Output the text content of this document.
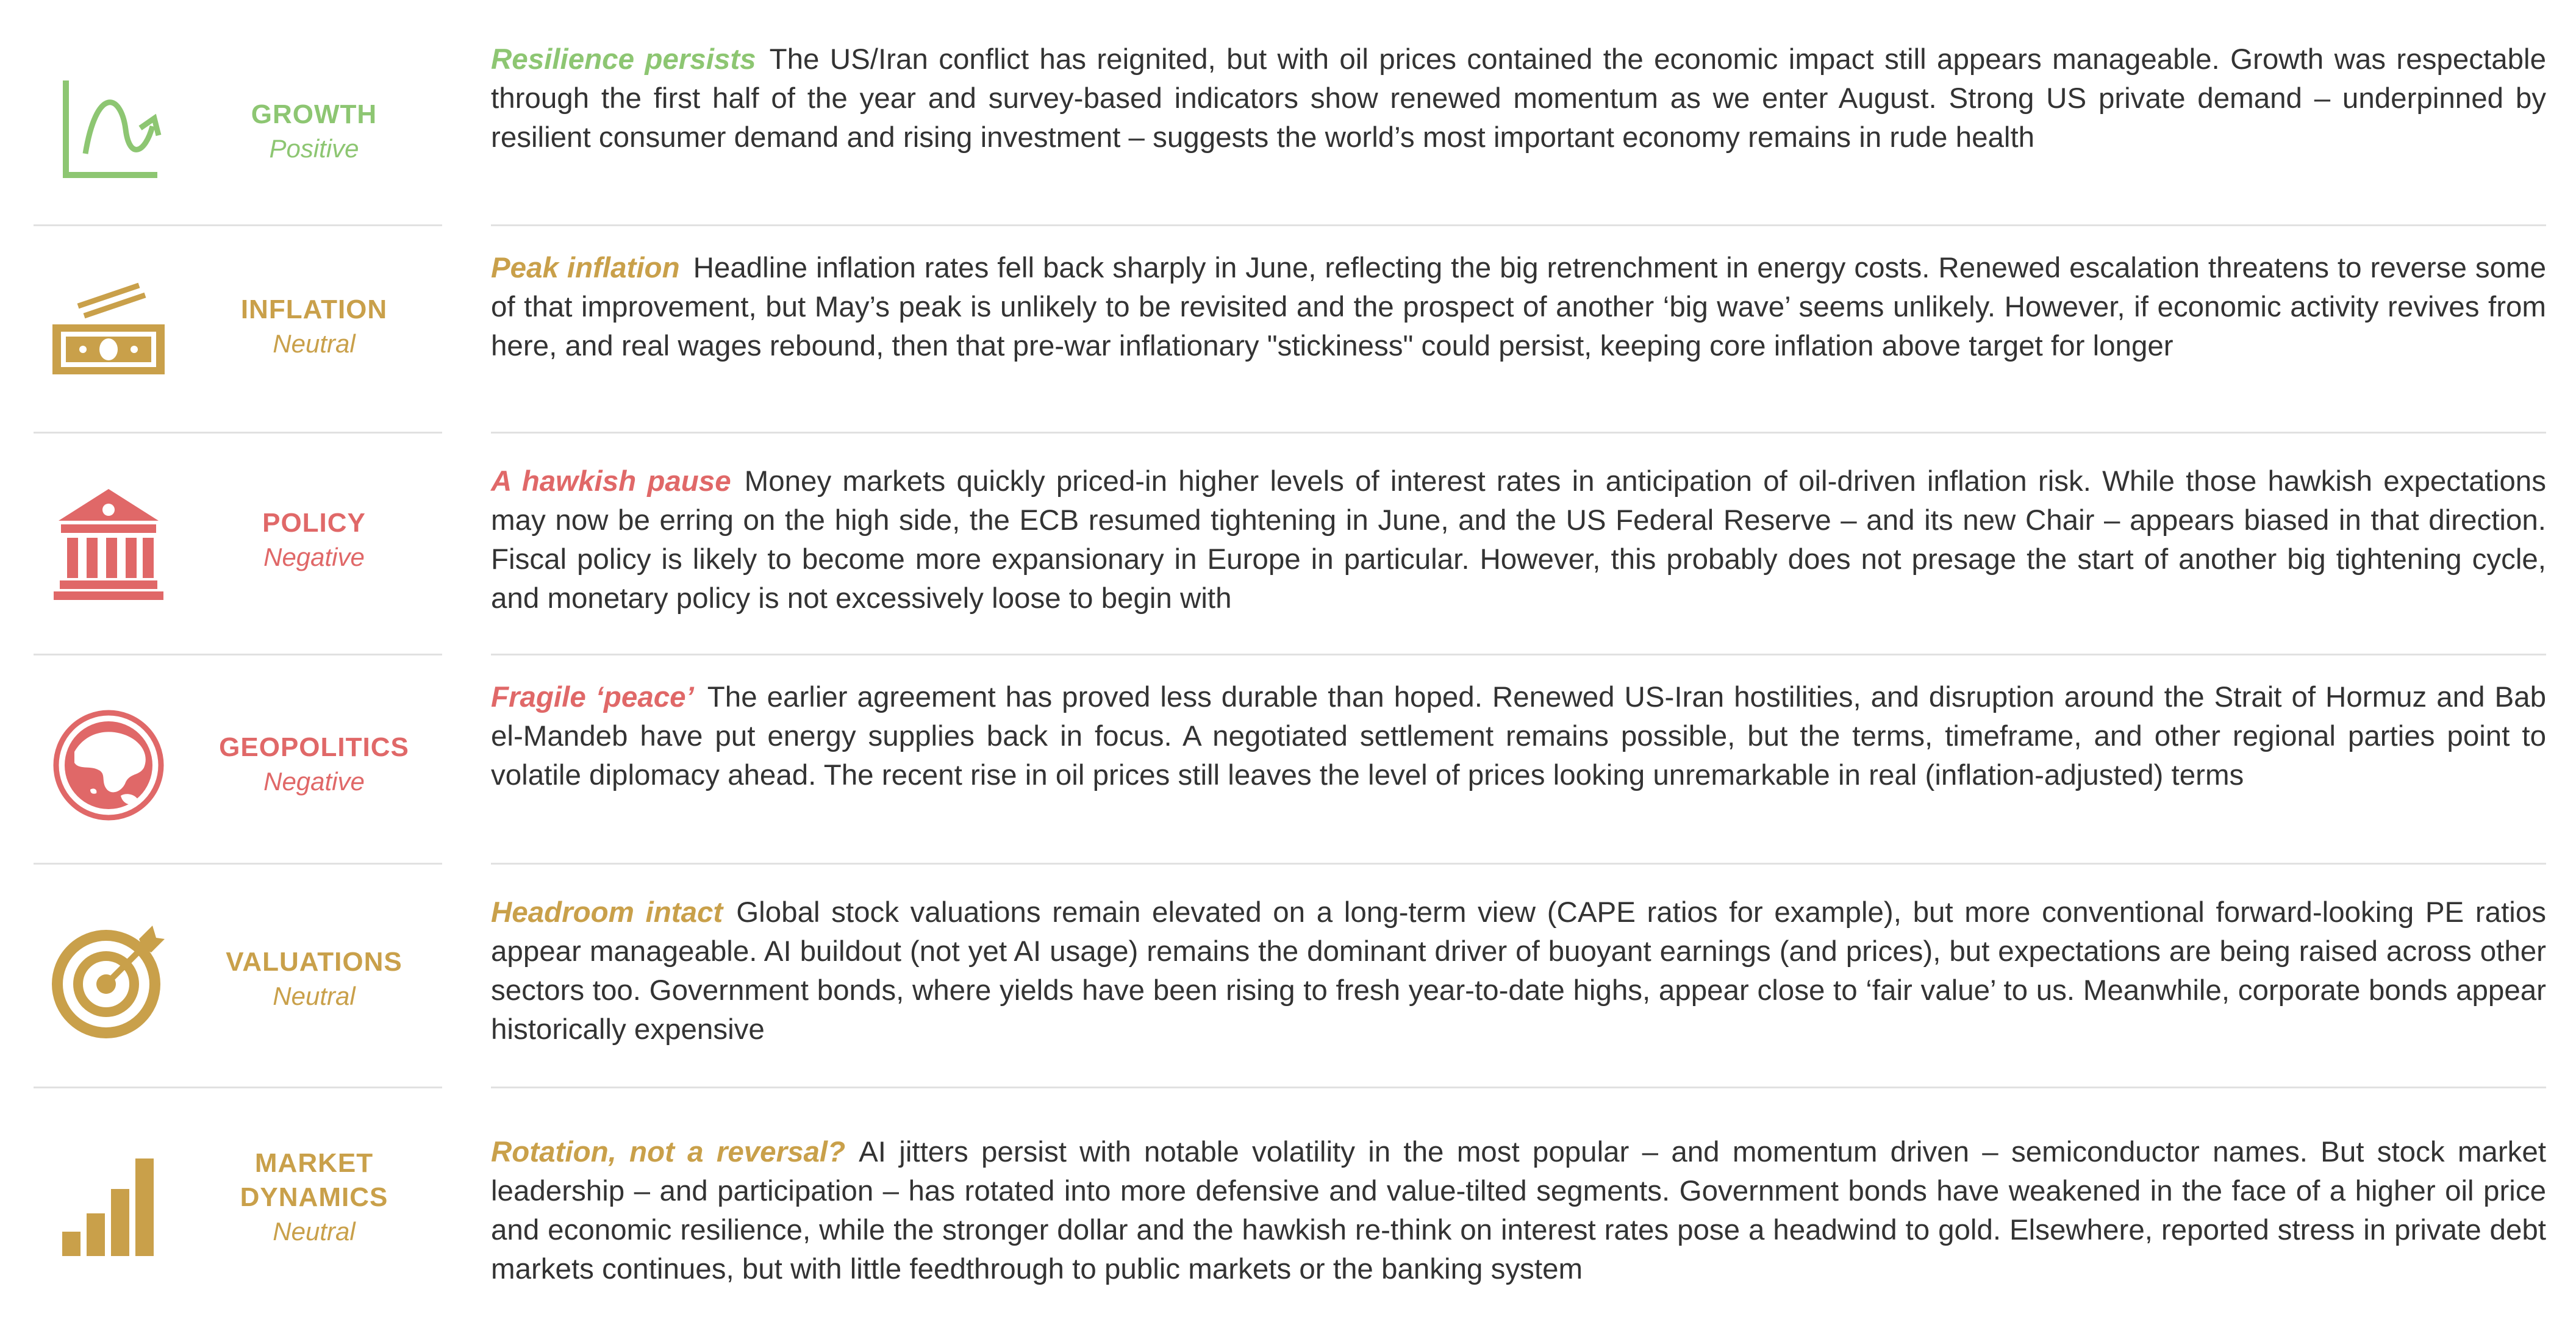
GROWTH
Positive
Resilience persists The US/Iran conflict has reignited, but with oil prices contained the economic impact still appears manageable. Growth was respectable through the first half of the year and survey-based indicators show renewed momentum as we enter August. Strong US private demand – underpinned by resilient consumer demand and rising investment – suggests the world’s most important economy remains in rude health
INFLATION
Neutral
Peak inflation Headline inflation rates fell back sharply in June, reflecting the big retrenchment in energy costs. Renewed escalation threatens to reverse some of that improvement, but May’s peak is unlikely to be revisited and the prospect of another ‘big wave’ seems unlikely. However, if economic activity revives from here, and real wages rebound, then that pre-war inflationary "stickiness" could persist, keeping core inflation above target for longer
POLICY
Negative
A hawkish pause Money markets quickly priced-in higher levels of interest rates in anticipation of oil-driven inflation risk. While those hawkish expectations may now be erring on the high side, the ECB resumed tightening in June, and the US Federal Reserve – and its new Chair – appears biased in that direction. Fiscal policy is likely to become more expansionary in Europe in particular. However, this probably does not presage the start of another big tightening cycle, and monetary policy is not excessively loose to begin with
GEOPOLITICS
Negative
Fragile ‘peace’ The earlier agreement has proved less durable than hoped. Renewed US-Iran hostilities, and disruption around the Strait of Hormuz and Bab el-Mandeb have put energy supplies back in focus. A negotiated settlement remains possible, but the terms, timeframe, and other regional parties point to volatile diplomacy ahead. The recent rise in oil prices still leaves the level of prices looking unremarkable in real (inflation-adjusted) terms
VALUATIONS
Neutral
Headroom intact Global stock valuations remain elevated on a long-term view (CAPE ratios for example), but more conventional forward-looking PE ratios appear manageable. AI buildout (not yet AI usage) remains the dominant driver of buoyant earnings (and prices), but expectations are being raised across other sectors too. Government bonds, where yields have been rising to fresh year-to-date highs, appear close to ‘fair value’ to us. Meanwhile, corporate bonds appear historically expensive
MARKET
DYNAMICS
Neutral
Rotation, not a reversal? AI jitters persist with notable volatility in the most popular – and momentum driven – semiconductor names. But stock market leadership – and participation – has rotated into more defensive and value-tilted segments. Government bonds have weakened in the face of a higher oil price and economic resilience, while the stronger dollar and the hawkish re-think on interest rates pose a headwind to gold. Elsewhere, reported stress in private debt markets continues, but with little feedthrough to public markets or the banking system
